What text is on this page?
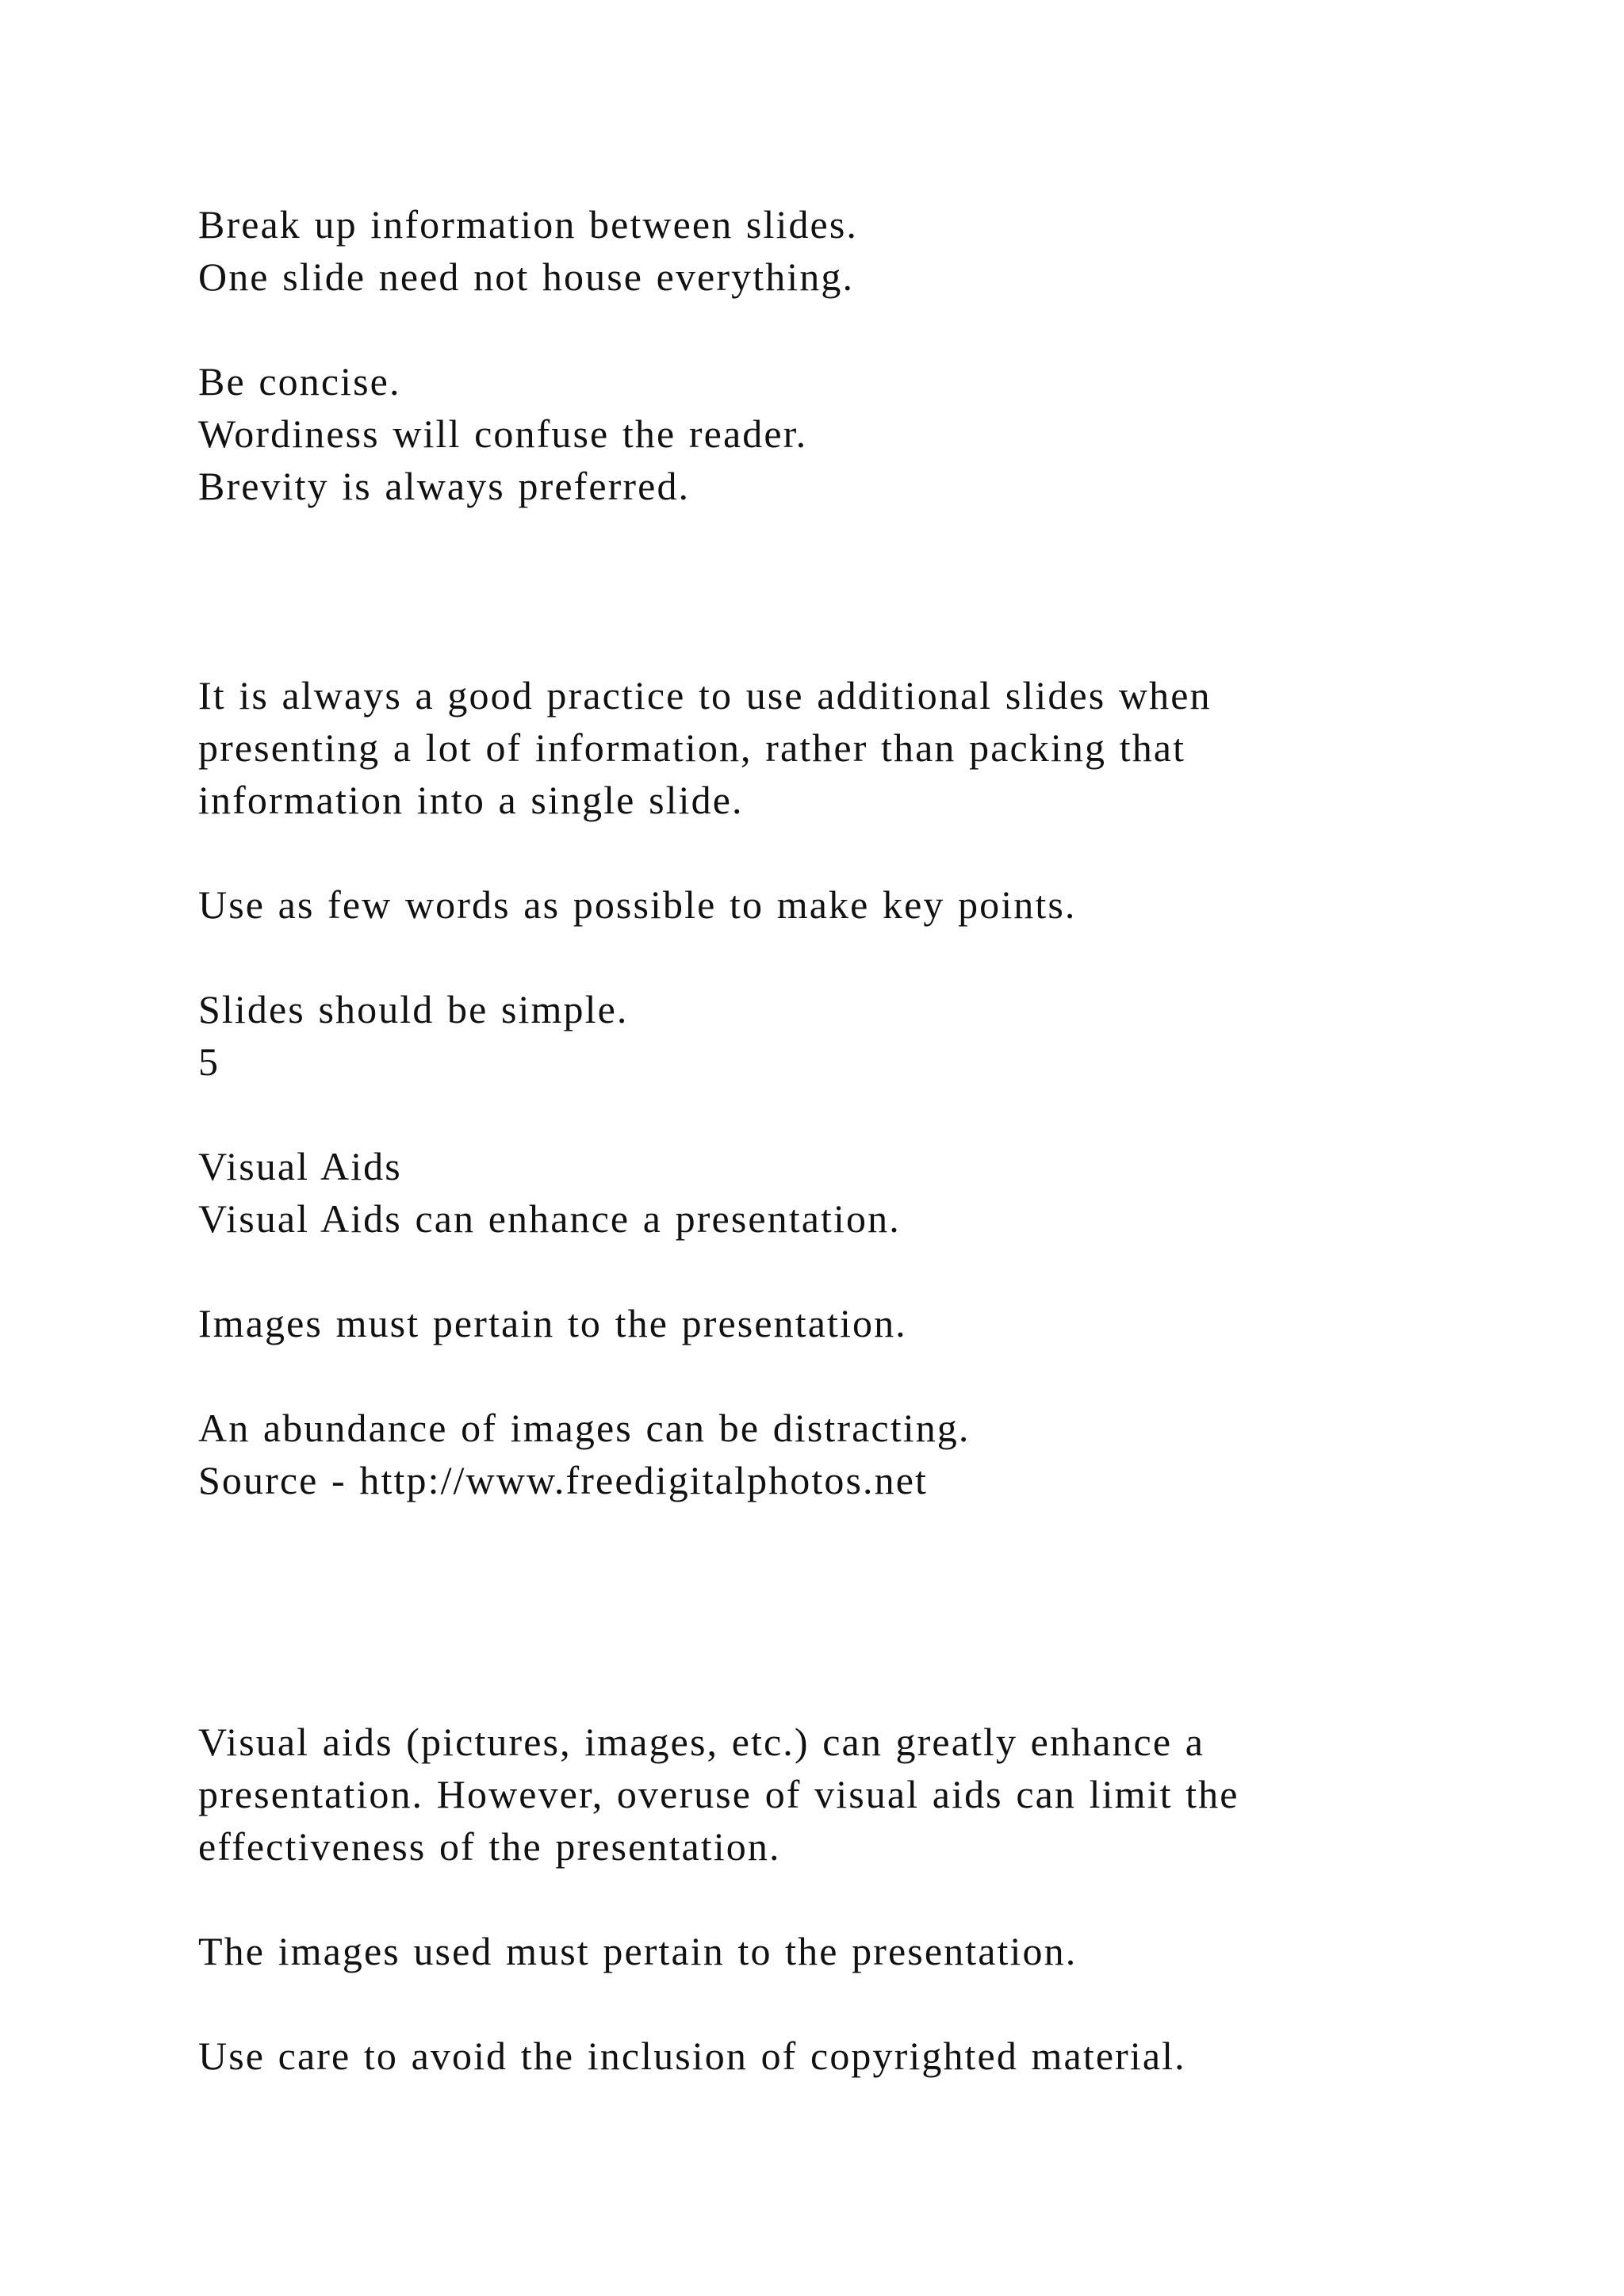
Break up information between slides.
One slide need not house everything.
Be concise.
Wordiness will confuse the reader.
Brevity is always preferred.
It is always a good practice to use additional slides when
presenting a lot of information, rather than packing that
information into a single slide.
Use as few words as possible to make key points.
Slides should be simple.
5
Visual Aids
Visual Aids can enhance a presentation.
Images must pertain to the presentation.
An abundance of images can be distracting.
Source - http://www.freedigitalphotos.net
Visual aids (pictures, images, etc.) can greatly enhance a
presentation. However, overuse of visual aids can limit the
effectiveness of the presentation.
The images used must pertain to the presentation.
Use care to avoid the inclusion of copyrighted material.
